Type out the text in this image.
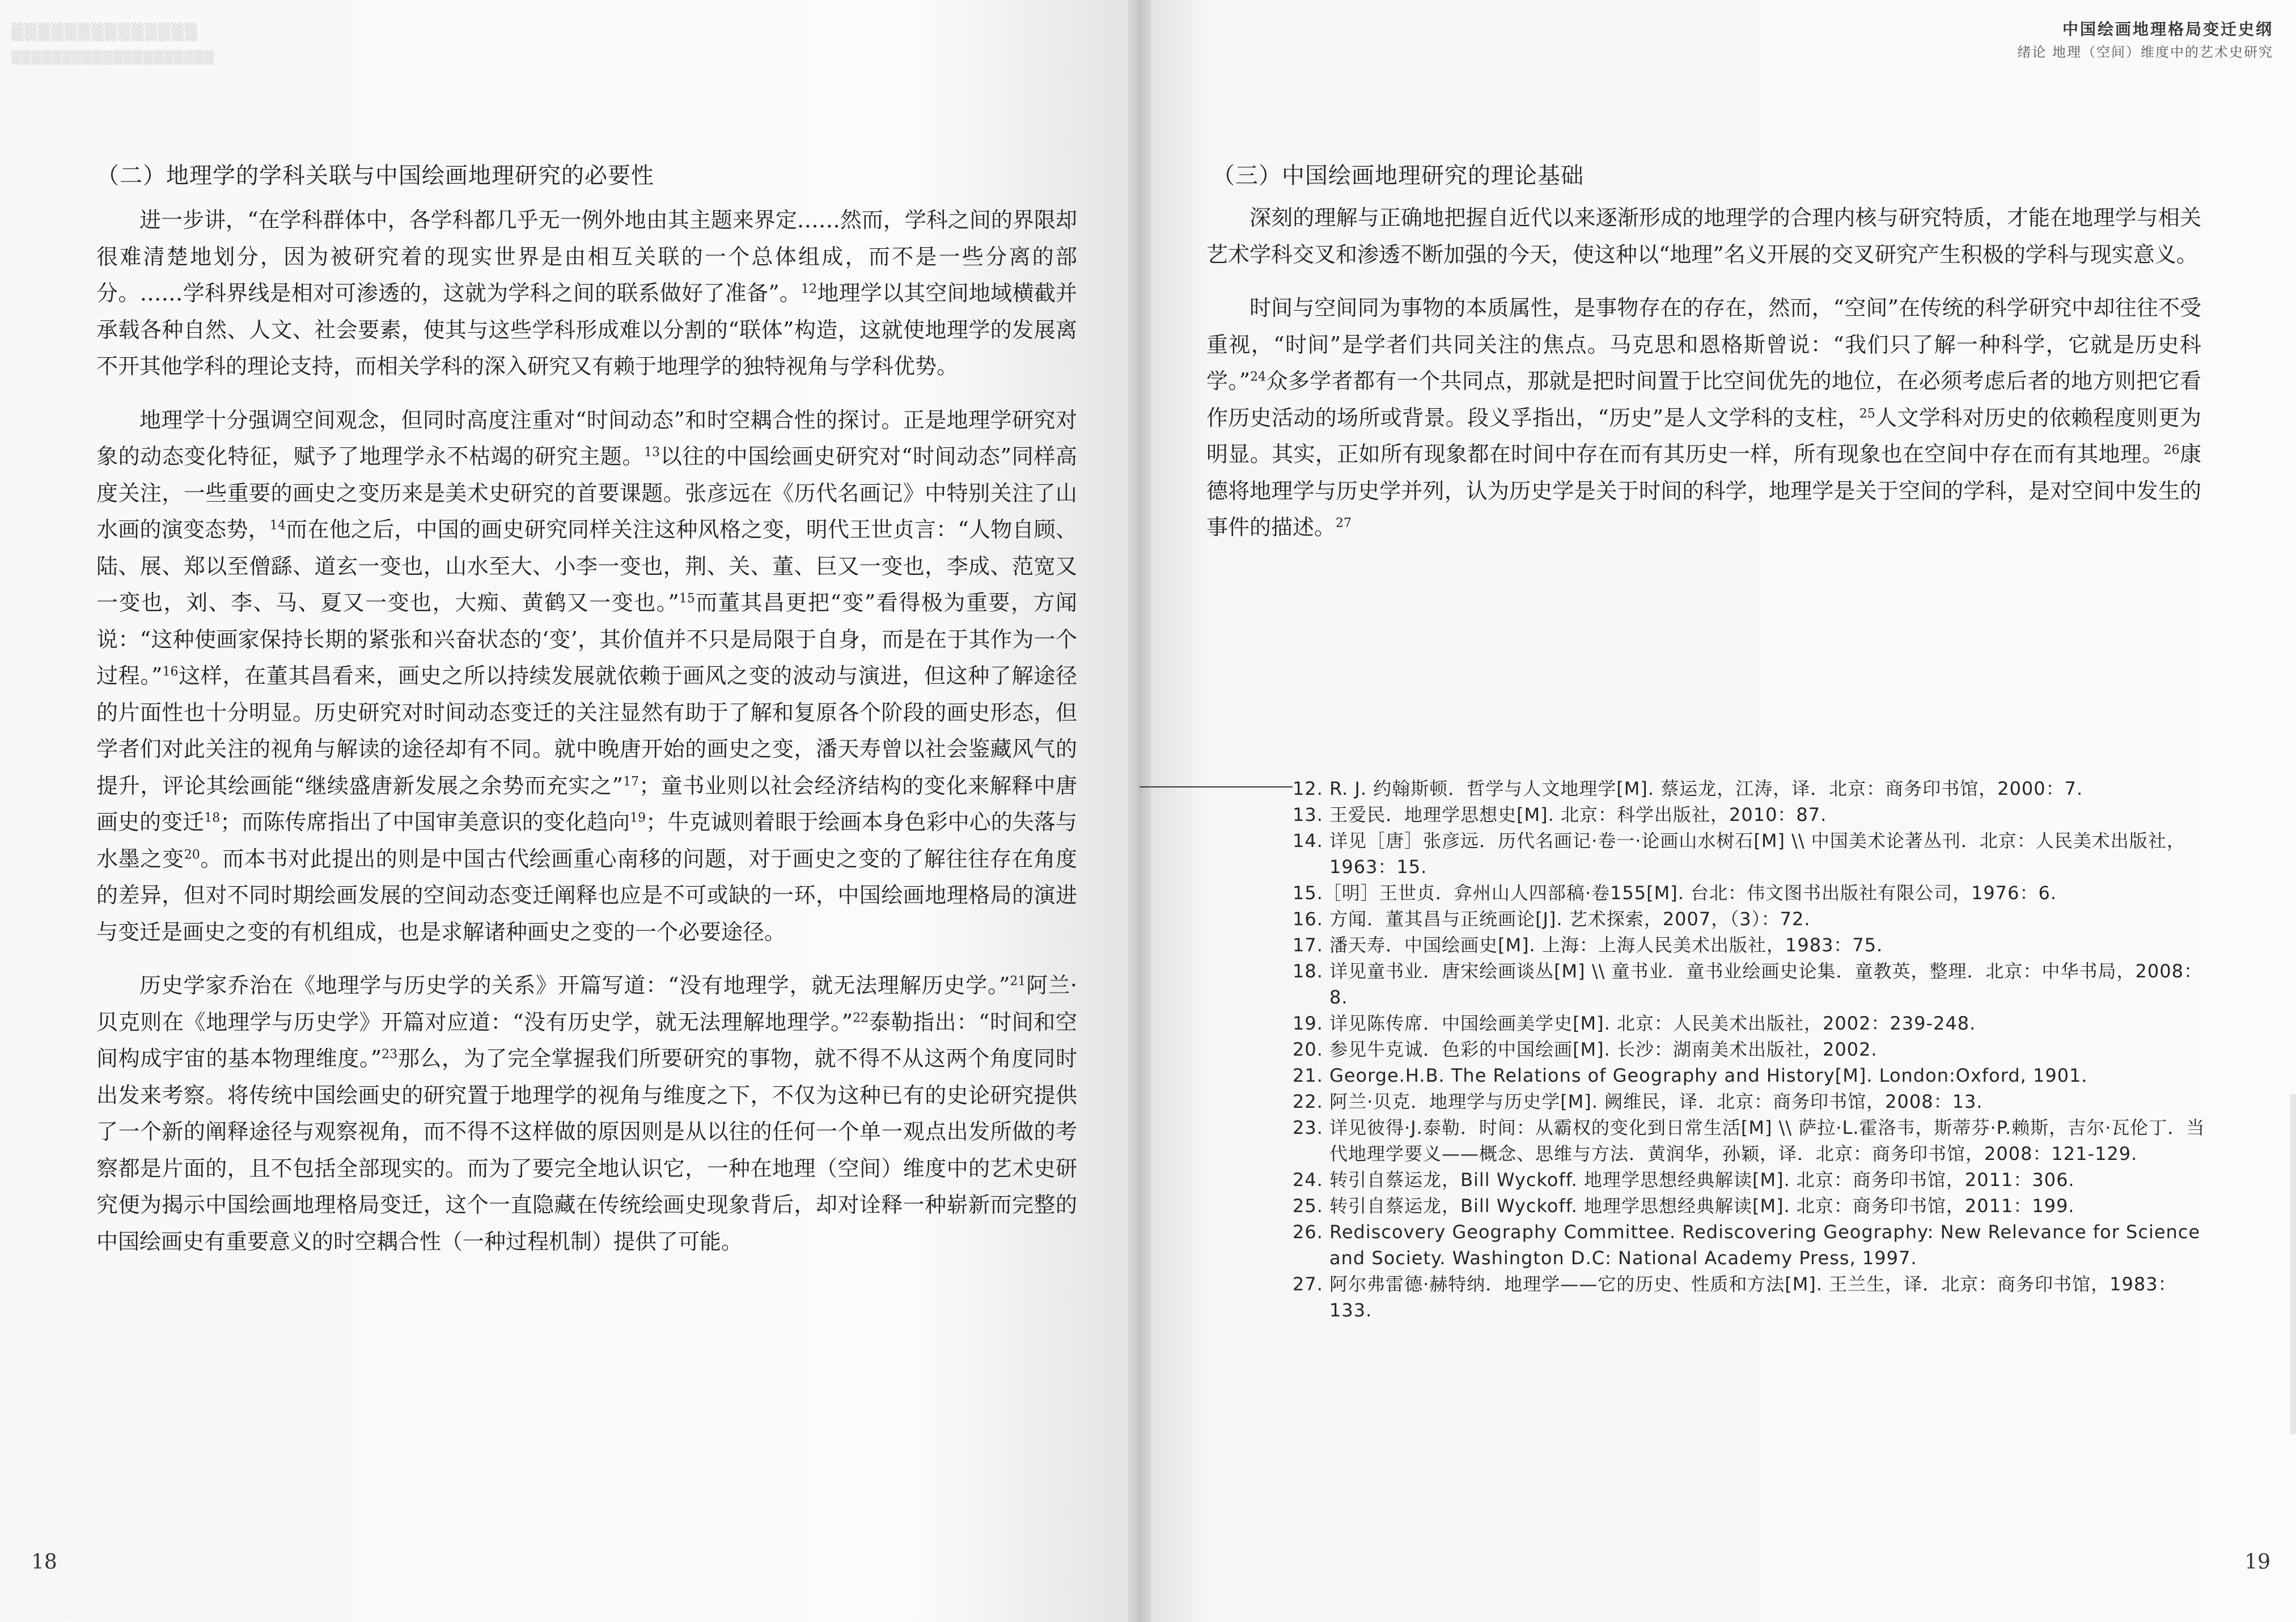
▒▒▒▒▒▒▒▒▒▒▒▒▒▒
▒▒▒▒▒▒▒▒▒▒▒▒▒▒▒▒▒▒▒▒
（二）地理学的学科关联与中国绘画地理研究的必要性

进一步讲，“在学科群体中，各学科都几乎无一例外地由其主题来界定……然而，学科之间的界限却很难清楚地划分，因为被研究着的现实世界是由相互关联的一个总体组成，而不是一些分离的部分。……学科界线是相对可渗透的，这就为学科之间的联系做好了准备”。$^{12}$地理学以其空间地域横截并承载各种自然、人文、社会要素，使其与这些学科形成难以分割的“联体”构造，这就使地理学的发展离不开其他学科的理论支持，而相关学科的深入研究又有赖于地理学的独特视角与学科优势。

地理学十分强调空间观念，但同时高度注重对“时间动态”和时空耦合性的探讨。正是地理学研究对象的动态变化特征，赋予了地理学永不枯竭的研究主题。$^{13}$以往的中国绘画史研究对“时间动态”同样高度关注，一些重要的画史之变历来是美术史研究的首要课题。张彦远在《历代名画记》中特别关注了山水画的演变态势，$^{14}$而在他之后，中国的画史研究同样关注这种风格之变，明代王世贞言：“人物自顾、陆、展、郑以至僧繇、道玄一变也，山水至大、小李一变也，荆、关、董、巨又一变也，李成、范宽又一变也，刘、李、马、夏又一变也，大痴、黄鹤又一变也。”$^{15}$而董其昌更把“变”看得极为重要，方闻说：“这种使画家保持长期的紧张和兴奋状态的‘变’，其价值并不只是局限于自身，而是在于其作为一个过程。”$^{16}$这样，在董其昌看来，画史之所以持续发展就依赖于画风之变的波动与演进，但这种了解途径的片面性也十分明显。历史研究对时间动态变迁的关注显然有助于了解和复原各个阶段的画史形态，但学者们对此关注的视角与解读的途径却有不同。就中晚唐开始的画史之变，潘天寿曾以社会鉴藏风气的提升，评论其绘画能“继续盛唐新发展之余势而充实之”$^{17}$；童书业则以社会经济结构的变化来解释中唐画史的变迁$^{18}$；而陈传席指出了中国审美意识的变化趋向$^{19}$；牛克诚则着眼于绘画本身色彩中心的失落与水墨之变$^{20}$。而本书对此提出的则是中国古代绘画重心南移的问题，对于画史之变的了解往往存在角度的差异，但对不同时期绘画发展的空间动态变迁阐释也应是不可或缺的一环，中国绘画地理格局的演进与变迁是画史之变的有机组成，也是求解诸种画史之变的一个必要途径。

历史学家乔治在《地理学与历史学的关系》开篇写道：“没有地理学，就无法理解历史学。”$^{21}$阿兰·贝克则在《地理学与历史学》开篇对应道：“没有历史学，就无法理解地理学。”$^{22}$泰勒指出：“时间和空间构成宇宙的基本物理维度。”$^{23}$那么，为了完全掌握我们所要研究的事物，就不得不从这两个角度同时出发来考察。将传统中国绘画史的研究置于地理学的视角与维度之下，不仅为这种已有的史论研究提供了一个新的阐释途径与观察视角，而不得不这样做的原因则是从以往的任何一个单一观点出发所做的考察都是片面的，且不包括全部现实的。而为了要完全地认识它，一种在地理（空间）维度中的艺术史研究便为揭示中国绘画地理格局变迁，这个一直隐藏在传统绘画史现象背后，却对诠释一种崭新而完整的中国绘画史有重要意义的时空耦合性（一种过程机制）提供了可能。

18
中国绘画地理格局变迁史纲
绪论 地理（空间）维度中的艺术史研究
（三）中国绘画地理研究的理论基础

深刻的理解与正确地把握自近代以来逐渐形成的地理学的合理内核与研究特质，才能在地理学与相关艺术学科交叉和渗透不断加强的今天，使这种以“地理”名义开展的交叉研究产生积极的学科与现实意义。

时间与空间同为事物的本质属性，是事物存在的存在，然而，“空间”在传统的科学研究中却往往不受重视，“时间”是学者们共同关注的焦点。马克思和恩格斯曾说：“我们只了解一种科学，它就是历史科学。”$^{24}$众多学者都有一个共同点，那就是把时间置于比空间优先的地位，在必须考虑后者的地方则把它看作历史活动的场所或背景。段义孚指出，“历史”是人文学科的支柱，$^{25}$人文学科对历史的依赖程度则更为明显。其实，正如所有现象都在时间中存在而有其历史一样，所有现象也在空间中存在而有其地理。$^{26}$康德将地理学与历史学并列，认为历史学是关于时间的科学，地理学是关于空间的学科，是对空间中发生的事件的描述。$^{27}$

19

12. R. J. 约翰斯顿．哲学与人文地理学[M]. 蔡运龙，江涛，译．北京：商务印书馆，2000：7.

13. 王爱民．地理学思想史[M]. 北京：科学出版社，2010：87.

14. 详见［唐］张彦远．历代名画记·卷一·论画山水树石[M] \\ 中国美术论著丛刊．北京：人民美术出版社，1963：15.

15.［明］王世贞．弇州山人四部稿·卷155[M]. 台北：伟文图书出版社有限公司，1976：6.

16. 方闻．董其昌与正统画论[J]. 艺术探索，2007，（3）：72.

17. 潘天寿．中国绘画史[M]. 上海：上海人民美术出版社，1983：75.

18. 详见童书业．唐宋绘画谈丛[M] \\ 童书业．童书业绘画史论集．童教英，整理．北京：中华书局，2008：8.

19. 详见陈传席．中国绘画美学史[M]. 北京：人民美术出版社，2002：239-248.

20. 参见牛克诚．色彩的中国绘画[M]. 长沙：湖南美术出版社，2002.

21. George.H.B. The Relations of Geography and History[M]. London:Oxford, 1901．

22. 阿兰·贝克．地理学与历史学[M]. 阙维民，译．北京：商务印书馆，2008：13.

23. 详见彼得·J.泰勒．时间：从霸权的变化到日常生活[M] \\ 萨拉·L.霍洛韦，斯蒂芬·P.赖斯，吉尔·瓦伦丁．当代地理学要义——概念、思维与方法．黄润华，孙颖，译．北京：商务印书馆，2008：121-129.

24. 转引自蔡运龙，Bill Wyckoff. 地理学思想经典解读[M]. 北京：商务印书馆，2011：306.

25. 转引自蔡运龙，Bill Wyckoff. 地理学思想经典解读[M]. 北京：商务印书馆，2011：199.

26. Rediscovery Geography Committee. Rediscovering Geography: New Relevance for Science and Society. Washington D.C: National Academy Press, 1997.

27. 阿尔弗雷德·赫特纳．地理学——它的历史、性质和方法[M]. 王兰生，译．北京：商务印书馆，1983：133.
